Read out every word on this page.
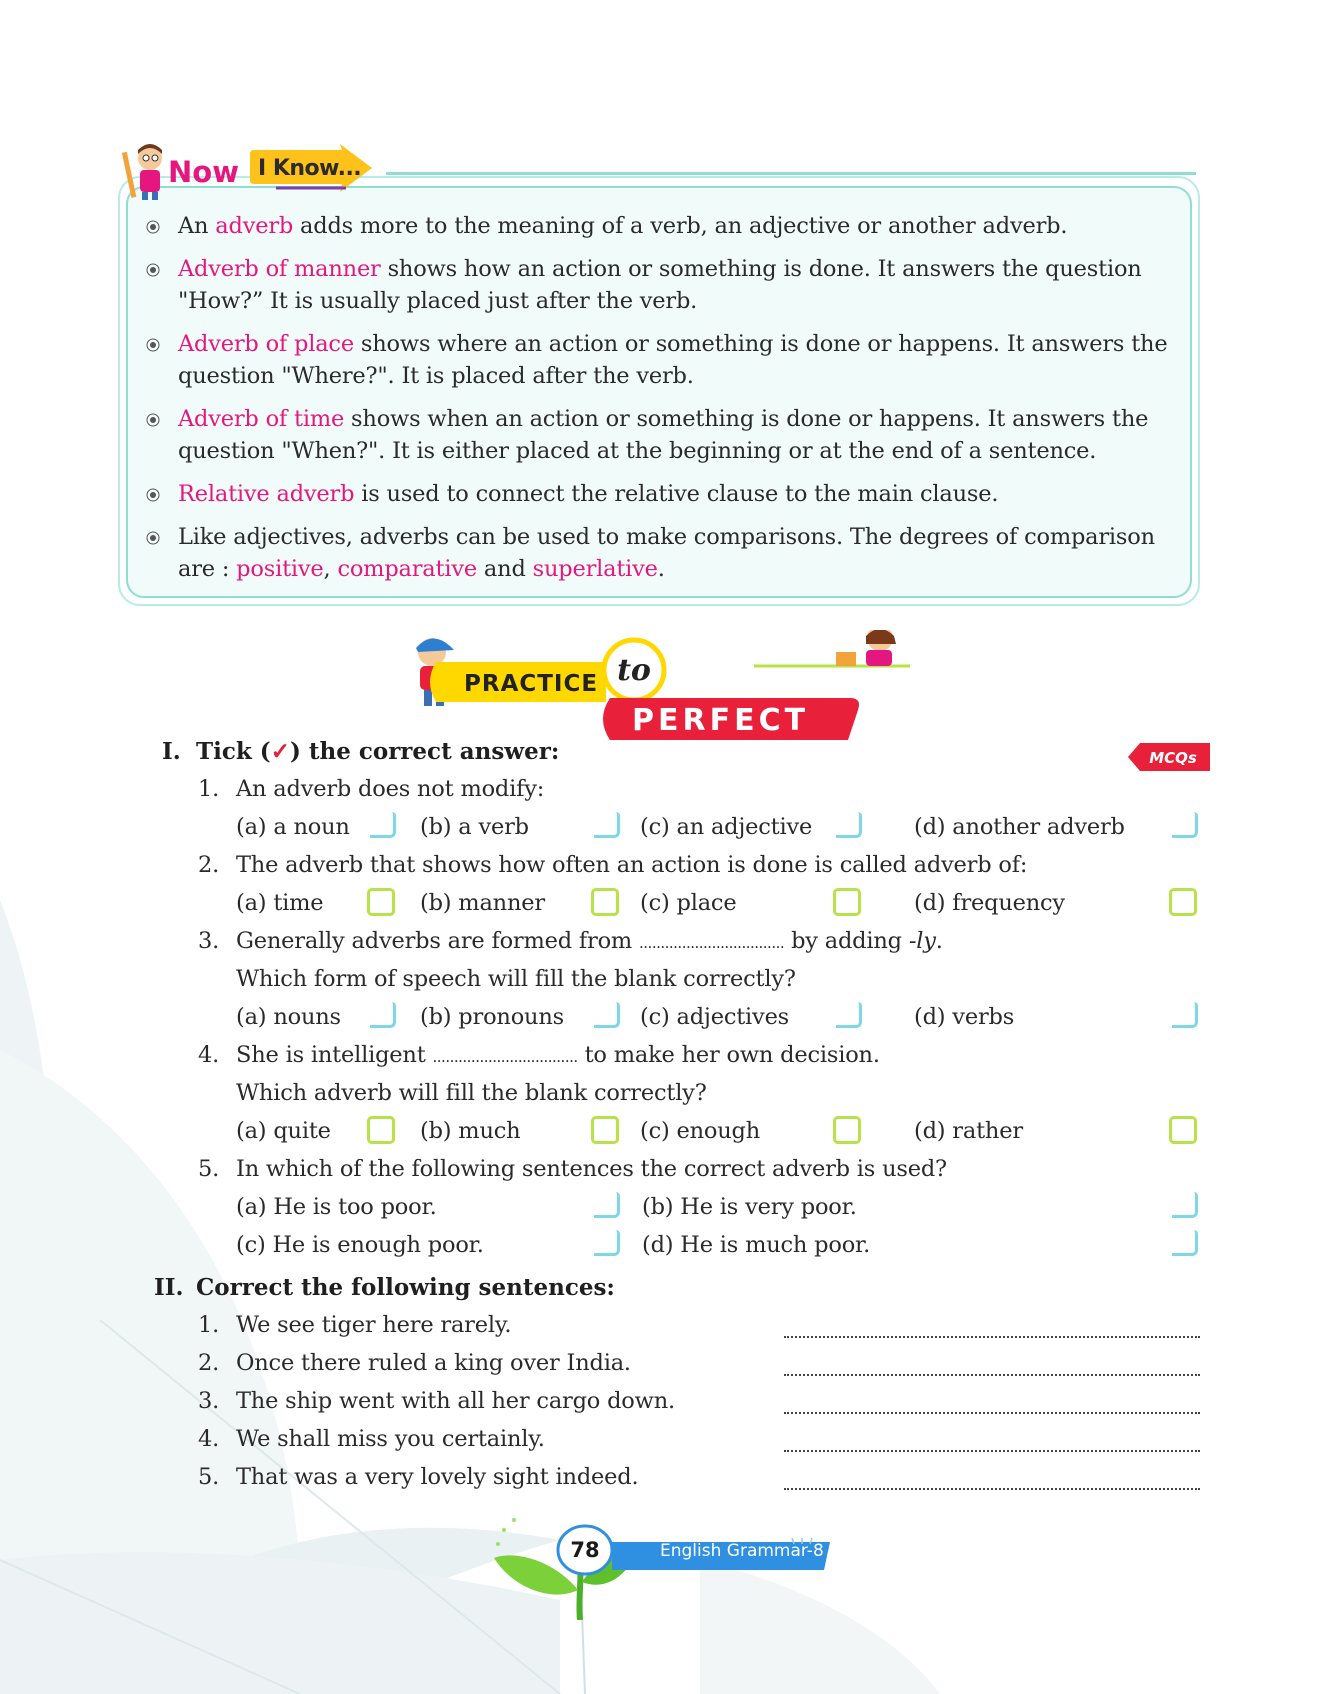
Now I Know...
An adverb adds more to the meaning of a verb, an adjective or another adverb.
Adverb of manner shows how an action or something is done. It answers the question
"How?” It is usually placed just after the verb.
Adverb of place shows where an action or something is done or happens. It answers the
question "Where?". It is placed after the verb.
Adverb of time shows when an action or something is done or happens. It answers the
question "When?". It is either placed at the beginning or at the end of a sentence.
Relative adverb is used to connect the relative clause to the main clause.
Like adjectives, adverbs can be used to make comparisons. The degrees of comparison
are : positive, comparative and superlative.
PRACTICE to
PERFECT
I. Tick (✓) the correct answer:	MCQs
1. An adverb does not modify:
(a) a noun	(b) a verb	(c) an adjective	(d) another adverb
2. The adverb that shows how often an action is done is called adverb of:
(a) time	(b) manner	(c) place	(d) frequency
3. Generally adverbs are formed from .................................. by adding -ly.
Which form of speech will fill the blank correctly?
(a) nouns	(b) pronouns	(c) adjectives	(d) verbs
4. She is intelligent .................................. to make her own decision.
Which adverb will fill the blank correctly?
(a) quite	(b) much	(c) enough	(d) rather
5. In which of the following sentences the correct adverb is used?
(a) He is too poor.	(b) He is very poor.
(c) He is enough poor.	(d) He is much poor.
II. Correct the following sentences:
1. We see tiger here rarely.
2. Once there ruled a king over India.
3. The ship went with all her cargo down.
4. We shall miss you certainly.
5. That was a very lovely sight indeed.
78	English Grammar-8
